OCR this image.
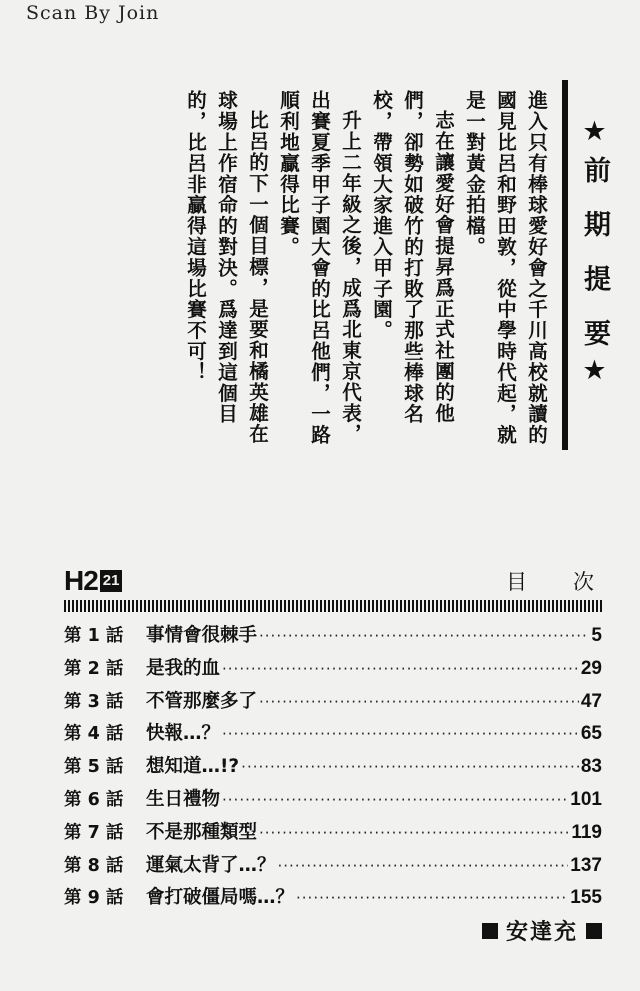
Scan By Join
★前 期 提 要★

進入只有棒球愛好會之千川高校就讀的國見比呂和野田敦，從中學時代起，就是一對黃金拍檔。

志在讓愛好會提昇爲正式社團的他們，卻勢如破竹的打敗了那些棒球名校，帶領大家進入甲子園。

升上二年級之後，成爲北東京代表，出賽夏季甲子園大會的比呂他們，一路順利地贏得比賽。

比呂的下一個目標，是要和橘英雄在球場上作宿命的對決。爲達到這個目的，比呂非贏得這場比賽不可！

H2 21	目次
第 1 話	事情會很棘手 ·····	5
第 2 話	是我的血 ·····	29
第 3 話	不管那麼多了 ·····	47
第 4 話	快報…？ ·····	65
第 5 話	想知道…!? ·····	83
第 6 話	生日禮物 ·····	101
第 7 話	不是那種類型 ·····	119
第 8 話	運氣太背了…？ ·····	137
第 9 話	會打破僵局嗎…？ ·····	155
安達充
